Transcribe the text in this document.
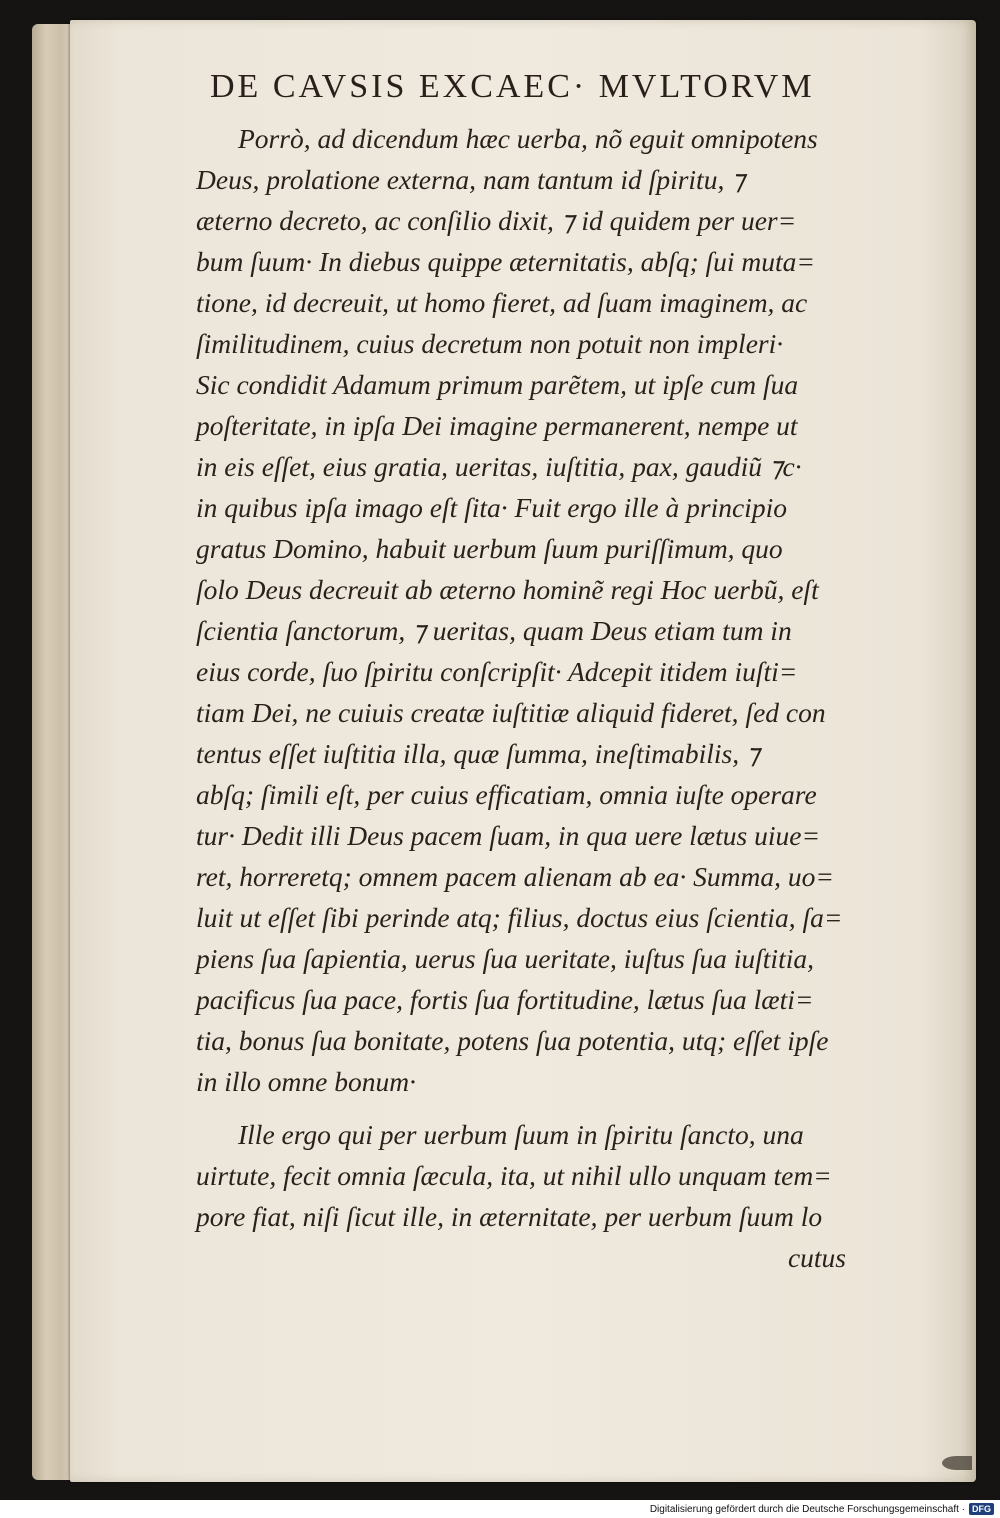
DE CAVSIS EXCAEC· MVLTORVM
Porrò, ad dicendum hæc uerba, nõ eguit omnipotens
Deus, prolatione externa, nam tantum id ſpiritu, ⁊
æterno decreto, ac conſilio dixit, ⁊ id quidem per uer=
bum ſuum· In diebus quippe æternitatis, abſq; ſui muta=
tione, id decreuit, ut homo fieret, ad ſuam imaginem, ac
ſimilitudinem, cuius decretum non potuit non impleri·
Sic condidit Adamum primum parẽtem, ut ipſe cum ſua
poſteritate, in ipſa Dei imagine permanerent, nempe ut
in eis eſſet, eius gratia, ueritas, iuſtitia, pax, gaudiũ ⁊c·
in quibus ipſa imago eſt ſita· Fuit ergo ille à principio
gratus Domino, habuit uerbum ſuum puriſſimum, quo
ſolo Deus decreuit ab æterno hominẽ regi Hoc uerbũ, eſt
ſcientia ſanctorum, ⁊ ueritas, quam Deus etiam tum in
eius corde, ſuo ſpiritu conſcripſit· Adcepit itidem iuſti=
tiam Dei, ne cuiuis creatæ iuſtitiæ aliquid fideret, ſed con
tentus eſſet iuſtitia illa, quæ ſumma, ineſtimabilis, ⁊
abſq; ſimili eſt, per cuius efficatiam, omnia iuſte operare
tur· Dedit illi Deus pacem ſuam, in qua uere lætus uiue=
ret, horreretq; omnem pacem alienam ab ea· Summa, uo=
luit ut eſſet ſibi perinde atq; filius, doctus eius ſcientia, ſa=
piens ſua ſapientia, uerus ſua ueritate, iuſtus ſua iuſtitia,
pacificus ſua pace, fortis ſua fortitudine, lætus ſua læti=
tia, bonus ſua bonitate, potens ſua potentia, utq; eſſet ipſe
in illo omne bonum·
Ille ergo qui per uerbum ſuum in ſpiritu ſancto, una
uirtute, fecit omnia ſæcula, ita, ut nihil ullo unquam tem=
pore fiat, niſi ſicut ille, in æternitate, per uerbum ſuum lo
cutus
Digitalisierung gefördert durch die Deutsche Forschungsgemeinschaft · DFG
